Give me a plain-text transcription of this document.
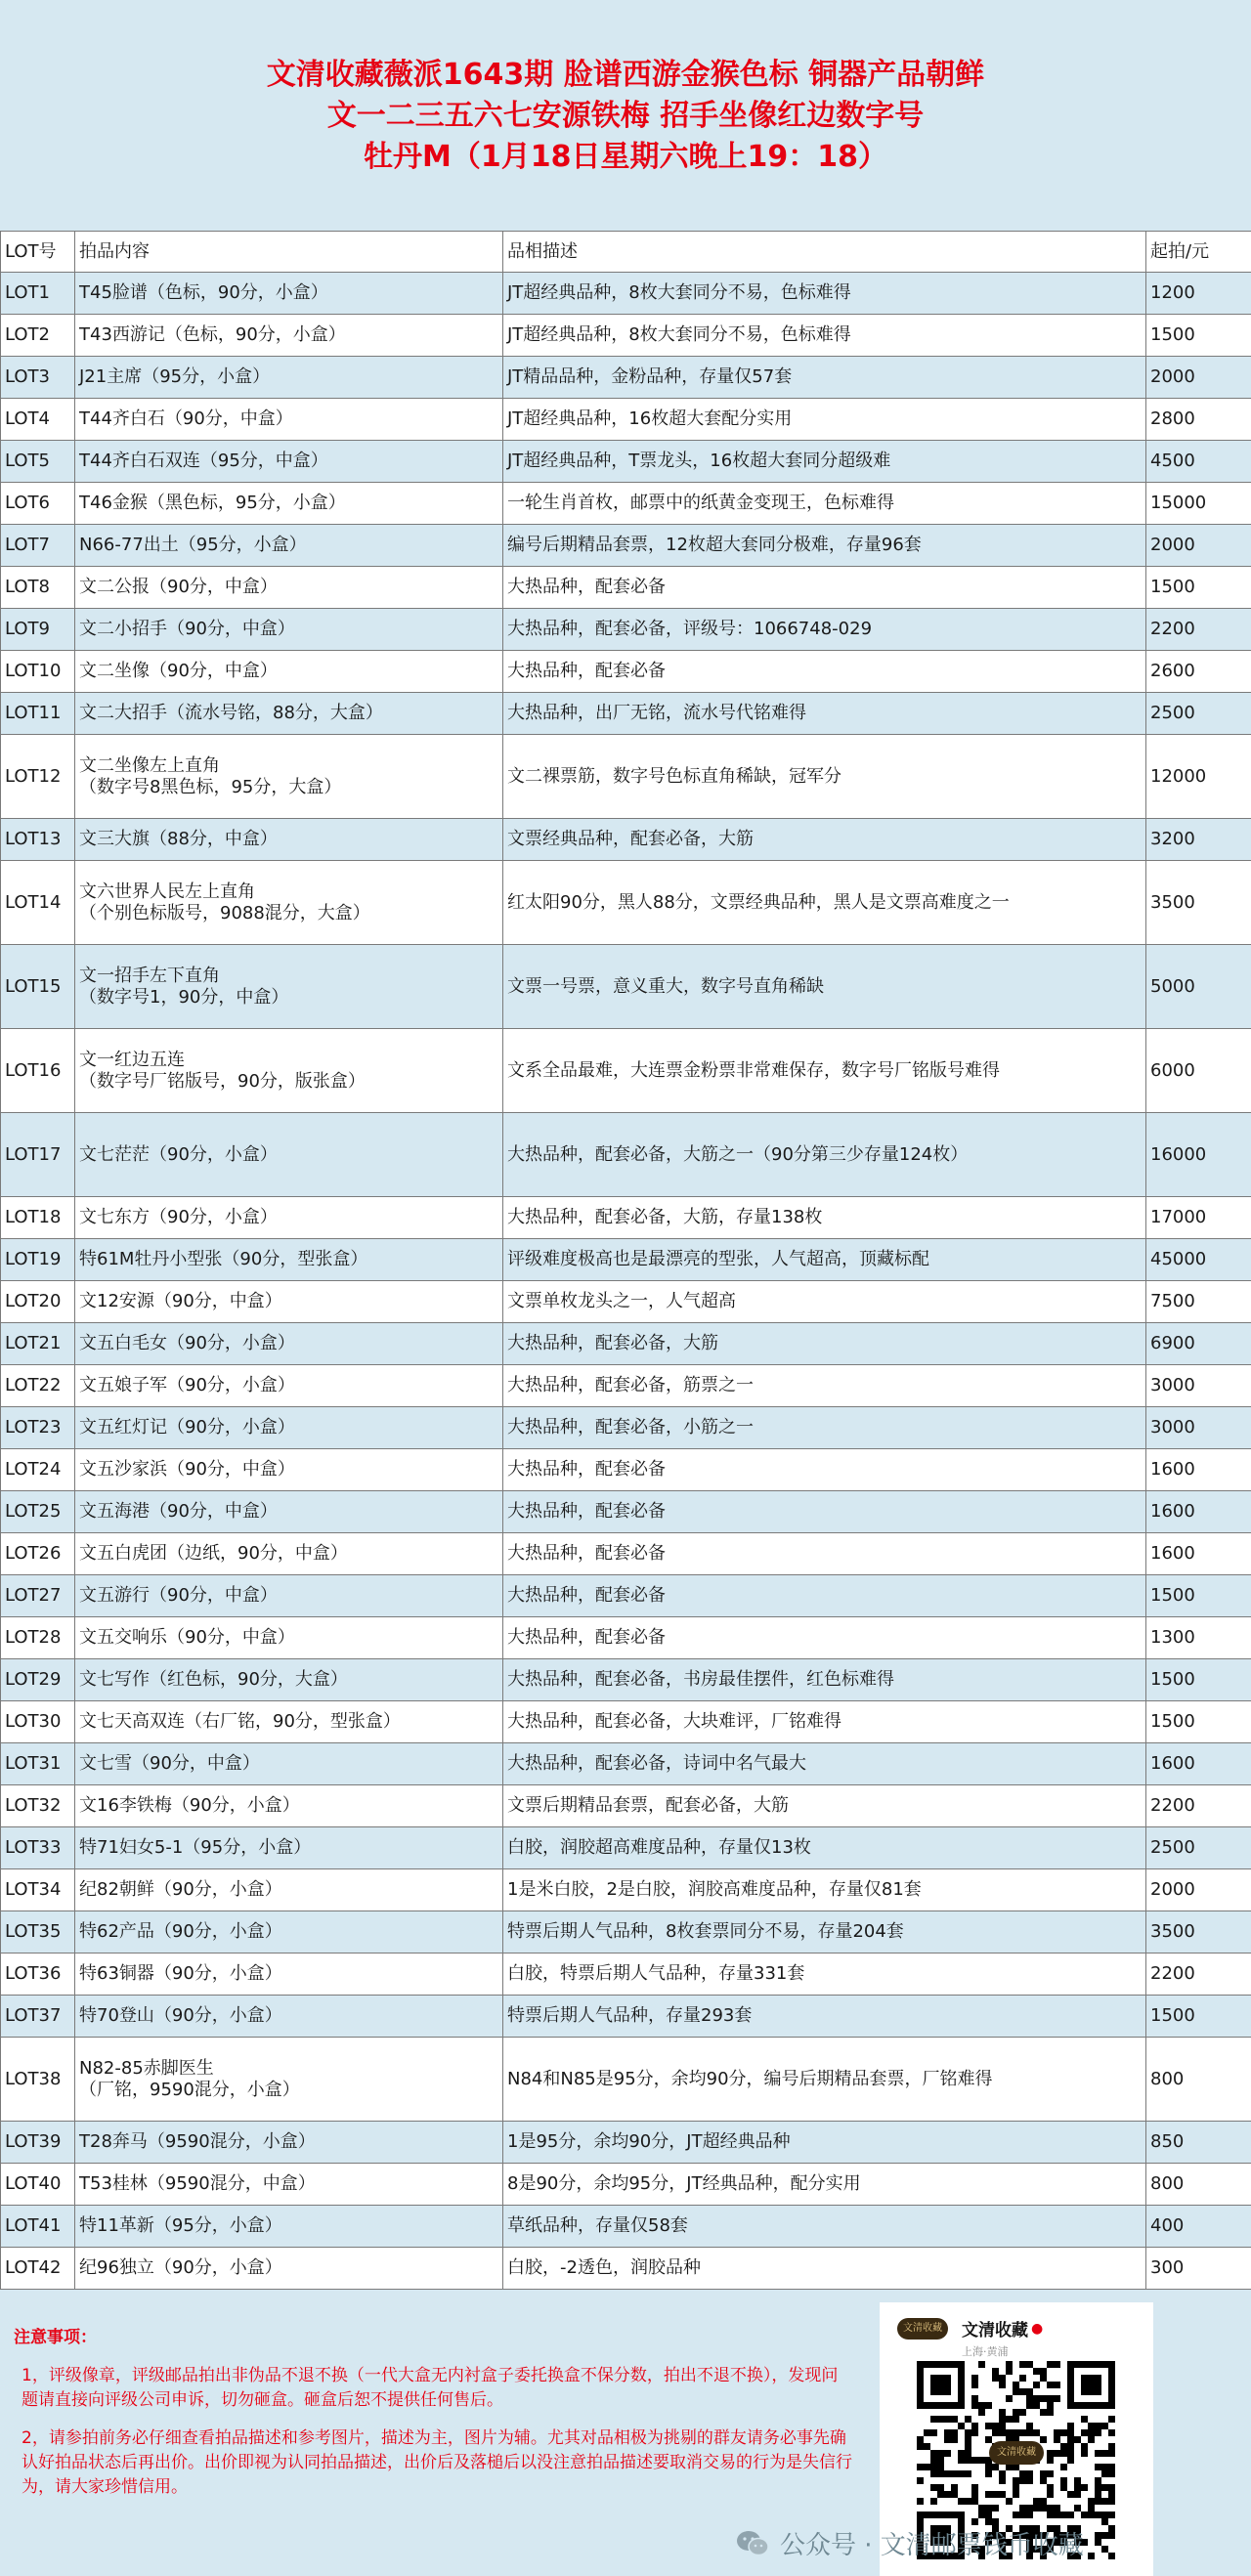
文清收藏薇派1643期 脸谱西游金猴色标 铜器产品朝鲜
文一二三五六七安源铁梅 招手坐像红边数字号
牡丹M（1月18日星期六晚上19：18）
LOT号	拍品内容	品相描述	起拍/元
LOT1	T45脸谱（色标，90分，小盒）	JT超经典品种，8枚大套同分不易，色标难得	1200
LOT2	T43西游记（色标，90分，小盒）	JT超经典品种，8枚大套同分不易，色标难得	1500
LOT3	J21主席（95分，小盒）	JT精品品种，金粉品种，存量仅57套	2000
LOT4	T44齐白石（90分，中盒）	JT超经典品种，16枚超大套配分实用	2800
LOT5	T44齐白石双连（95分，中盒）	JT超经典品种，T票龙头，16枚超大套同分超级难	4500
LOT6	T46金猴（黑色标，95分，小盒）	一轮生肖首枚，邮票中的纸黄金变现王，色标难得	15000
LOT7	N66-77出土（95分，小盒）	编号后期精品套票，12枚超大套同分极难，存量96套	2000
LOT8	文二公报（90分，中盒）	大热品种，配套必备	1500
LOT9	文二小招手（90分，中盒）	大热品种，配套必备，评级号：1066748-029	2200
LOT10	文二坐像（90分，中盒）	大热品种，配套必备	2600
LOT11	文二大招手（流水号铭，88分，大盒）	大热品种，出厂无铭，流水号代铭难得	2500
LOT12	文二坐像左上直角
（数字号8黑色标，95分，大盒）	文二裸票筋，数字号色标直角稀缺，冠军分	12000
LOT13	文三大旗（88分，中盒）	文票经典品种，配套必备，大筋	3200
LOT14	文六世界人民左上直角
（个别色标版号，9088混分，大盒）	红太阳90分，黑人88分，文票经典品种，黑人是文票高难度之一	3500
LOT15	文一招手左下直角
（数字号1，90分，中盒）	文票一号票，意义重大，数字号直角稀缺	5000
LOT16	文一红边五连
（数字号厂铭版号，90分，版张盒）	文系全品最难，大连票金粉票非常难保存，数字号厂铭版号难得	6000
LOT17	文七茫茫（90分，小盒）	大热品种，配套必备，大筋之一（90分第三少存量124枚）	16000
LOT18	文七东方（90分，小盒）	大热品种，配套必备，大筋，存量138枚	17000
LOT19	特61M牡丹小型张（90分，型张盒）	评级难度极高也是最漂亮的型张，人气超高，顶藏标配	45000
LOT20	文12安源（90分，中盒）	文票单枚龙头之一，人气超高	7500
LOT21	文五白毛女（90分，小盒）	大热品种，配套必备，大筋	6900
LOT22	文五娘子军（90分，小盒）	大热品种，配套必备，筋票之一	3000
LOT23	文五红灯记（90分，小盒）	大热品种，配套必备，小筋之一	3000
LOT24	文五沙家浜（90分，中盒）	大热品种，配套必备	1600
LOT25	文五海港（90分，中盒）	大热品种，配套必备	1600
LOT26	文五白虎团（边纸，90分，中盒）	大热品种，配套必备	1600
LOT27	文五游行（90分，中盒）	大热品种，配套必备	1500
LOT28	文五交响乐（90分，中盒）	大热品种，配套必备	1300
LOT29	文七写作（红色标，90分，大盒）	大热品种，配套必备，书房最佳摆件，红色标难得	1500
LOT30	文七天高双连（右厂铭，90分，型张盒）	大热品种，配套必备，大块难评，厂铭难得	1500
LOT31	文七雪（90分，中盒）	大热品种，配套必备，诗词中名气最大	1600
LOT32	文16李铁梅（90分，小盒）	文票后期精品套票，配套必备，大筋	2200
LOT33	特71妇女5-1（95分，小盒）	白胶，润胶超高难度品种，存量仅13枚	2500
LOT34	纪82朝鲜（90分，小盒）	1是米白胶，2是白胶，润胶高难度品种，存量仅81套	2000
LOT35	特62产品（90分，小盒）	特票后期人气品种，8枚套票同分不易，存量204套	3500
LOT36	特63铜器（90分，小盒）	白胶，特票后期人气品种，存量331套	2200
LOT37	特70登山（90分，小盒）	特票后期人气品种，存量293套	1500
LOT38	N82-85赤脚医生
（厂铭，9590混分，小盒）	N84和N85是95分，余均90分，编号后期精品套票，厂铭难得	800
LOT39	T28奔马（9590混分，小盒）	1是95分，余均90分，JT超经典品种	850
LOT40	T53桂林（9590混分，中盒）	8是90分，余均95分，JT经典品种，配分实用	800
LOT41	特11革新（95分，小盒）	草纸品种，存量仅58套	400
LOT42	纪96独立（90分，小盒）	白胶，-2透色，润胶品种	300
注意事项：

1，评级像章，评级邮品拍出非伪品不退不换（一代大盒无内衬盒子委托换盒不保分数，拍出不退不换），发现问题请直接向评级公司申诉，切勿砸盒。砸盒后恕不提供任何售后。

2，请参拍前务必仔细查看拍品描述和参考图片，描述为主，图片为辅。尤其对品相极为挑剔的群友请务必事先确认好拍品状态后再出价。出价即视为认同拍品描述，出价后及落槌后以没注意拍品描述要取消交易的行为是失信行为，请大家珍惜信用。

文清收藏	文清收藏 ●
上海·黄浦
文清收藏
公众号 · 文清邮票钱币收藏
